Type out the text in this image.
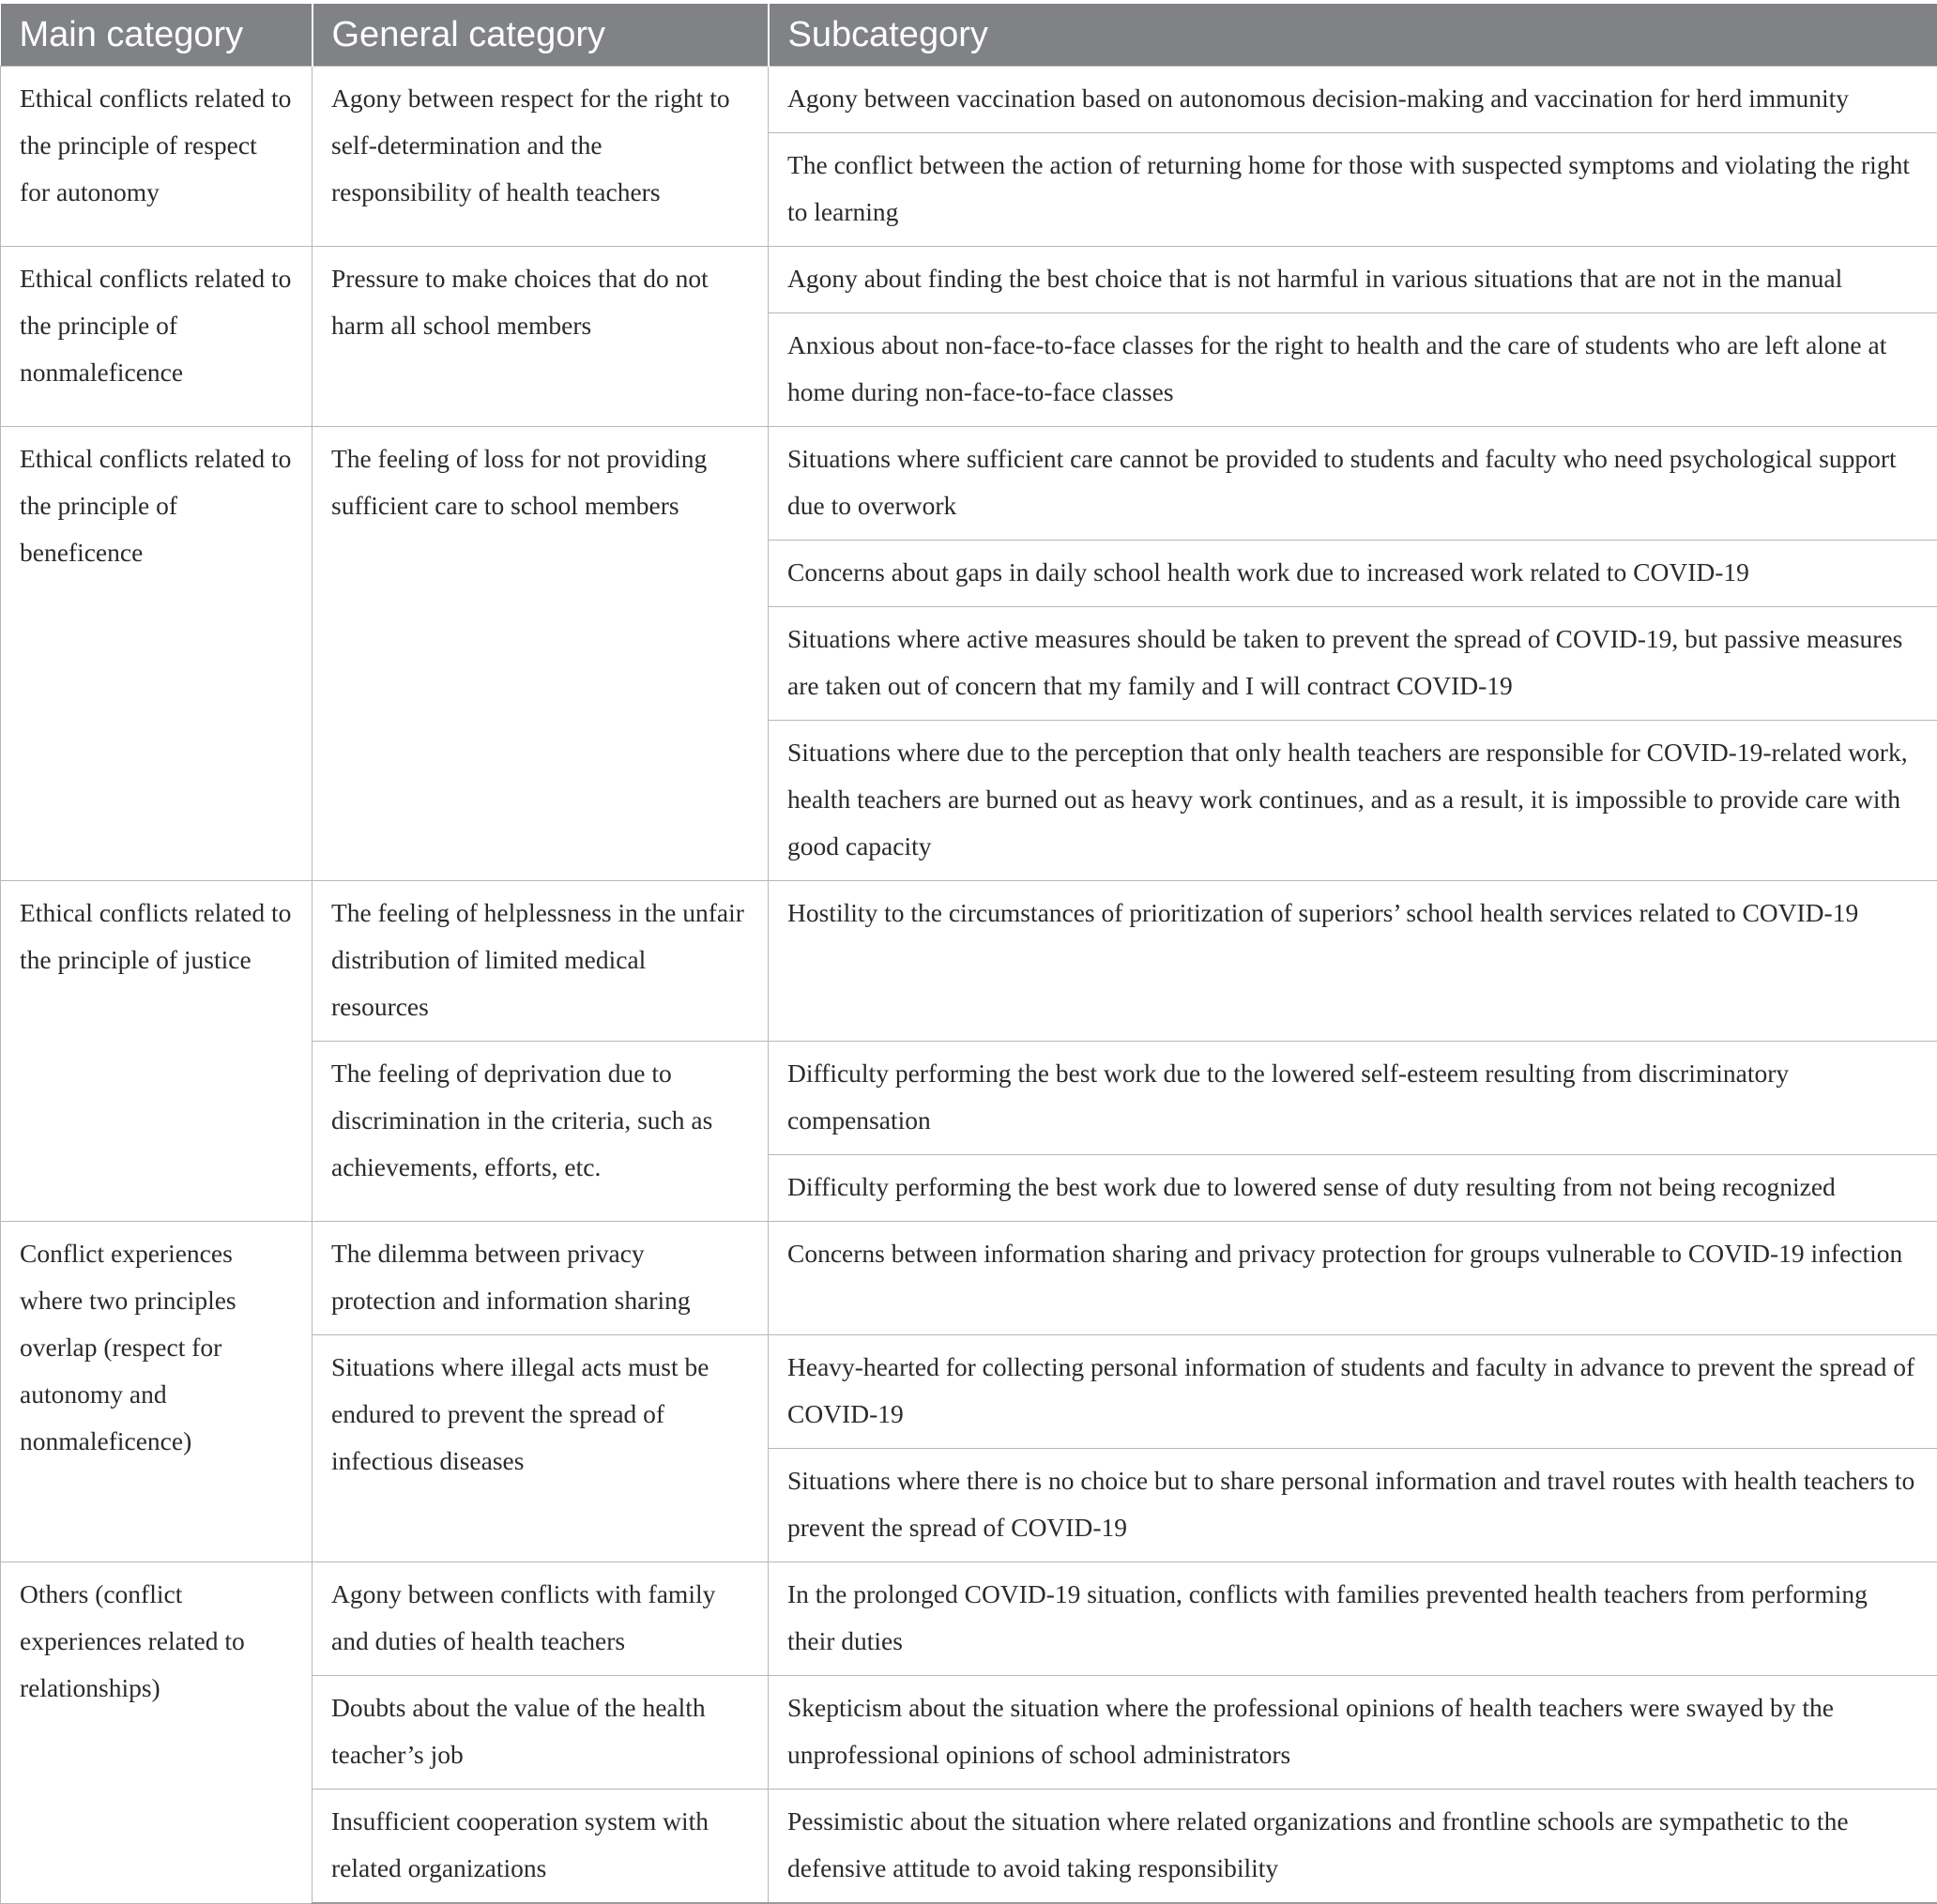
Main category	General category	Subcategory
Ethical conflicts related to the principle of respect for autonomy	Agony between respect for the right to self-determination and the responsibility of health teachers	Agony between vaccination based on autonomous decision-making and vaccination for herd immunity
		The conflict between the action of returning home for those with suspected symptoms and violating the right to learning
Ethical conflicts related to the principle of nonmaleficence	Pressure to make choices that do not harm all school members	Agony about finding the best choice that is not harmful in various situations that are not in the manual
		Anxious about non-face-to-face classes for the right to health and the care of students who are left alone at home during non-face-to-face classes
Ethical conflicts related to the principle of beneficence	The feeling of loss for not providing sufficient care to school members	Situations where sufficient care cannot be provided to students and faculty who need psychological support due to overwork
		Concerns about gaps in daily school health work due to increased work related to COVID-19
		Situations where active measures should be taken to prevent the spread of COVID-19, but passive measures are taken out of concern that my family and I will contract COVID-19
		Situations where due to the perception that only health teachers are responsible for COVID-19-related work, health teachers are burned out as heavy work continues, and as a result, it is impossible to provide care with good capacity
Ethical conflicts related to the principle of justice	The feeling of helplessness in the unfair distribution of limited medical resources	Hostility to the circumstances of prioritization of superiors’ school health services related to COVID-19
	The feeling of deprivation due to discrimination in the criteria, such as achievements, efforts, etc.	Difficulty performing the best work due to the lowered self-esteem resulting from discriminatory compensation
		Difficulty performing the best work due to lowered sense of duty resulting from not being recognized
Conflict experiences where two principles overlap (respect for autonomy and nonmaleficence)	The dilemma between privacy protection and information sharing	Concerns between information sharing and privacy protection for groups vulnerable to COVID-19 infection
	Situations where illegal acts must be endured to prevent the spread of infectious diseases	Heavy-hearted for collecting personal information of students and faculty in advance to prevent the spread of COVID-19
		Situations where there is no choice but to share personal information and travel routes with health teachers to prevent the spread of COVID-19
Others (conflict experiences related to relationships)	Agony between conflicts with family and duties of health teachers	In the prolonged COVID-19 situation, conflicts with families prevented health teachers from performing their duties
	Doubts about the value of the health teacher’s job	Skepticism about the situation where the professional opinions of health teachers were swayed by the unprofessional opinions of school administrators
	Insufficient cooperation system with related organizations	Pessimistic about the situation where related organizations and frontline schools are sympathetic to the defensive attitude to avoid taking responsibility
